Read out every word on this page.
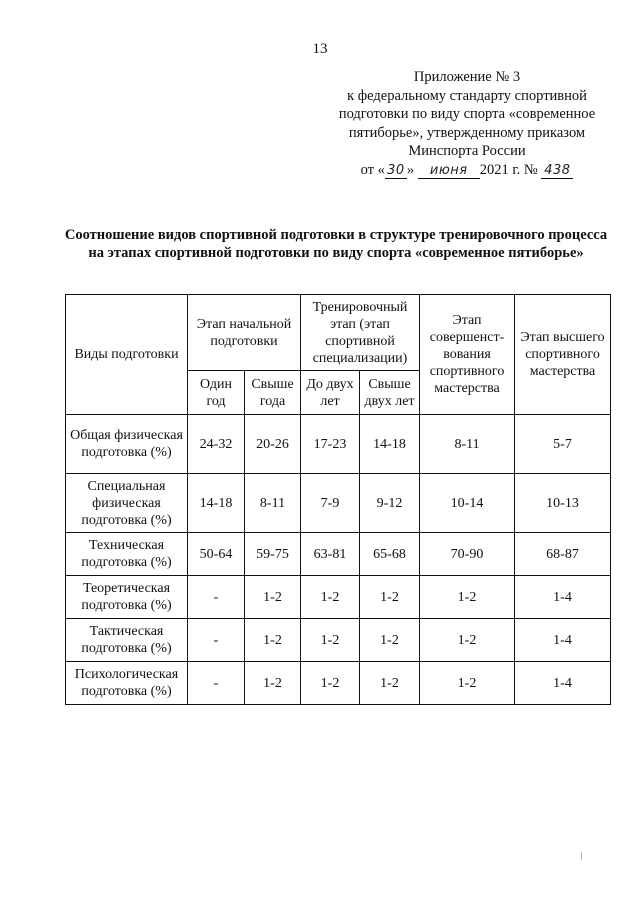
13
Приложение № 3
к федеральному стандарту спортивной
подготовки по виду спорта «современное
пятиборье», утвержденному приказом
Минспорта России
от « 30 » июня 2021 г. № 438
Соотношение видов спортивной подготовки в структуре тренировочного процесса на этапах спортивной подготовки по виду спорта «современное пятиборье»
Виды подготовки	Этап начальной подготовки		Тренировочный этап (этап спортивной специализации)		Этап совершенст-вования спортивного мастерства	Этап высшего спортивного мастерства
	Один год	Свыше года	До двух лет	Свыше двух лет		
Общая физическая подготовка (%)	24-32	20-26	17-23	14-18	8-11	5-7
Специальная физическая подготовка (%)	14-18	8-11	7-9	9-12	10-14	10-13
Техническая подготовка (%)	50-64	59-75	63-81	65-68	70-90	68-87
Теоретическая подготовка (%)	-	1-2	1-2	1-2	1-2	1-4
Тактическая подготовка (%)	-	1-2	1-2	1-2	1-2	1-4
Психологическая подготовка (%)	-	1-2	1-2	1-2	1-2	1-4
